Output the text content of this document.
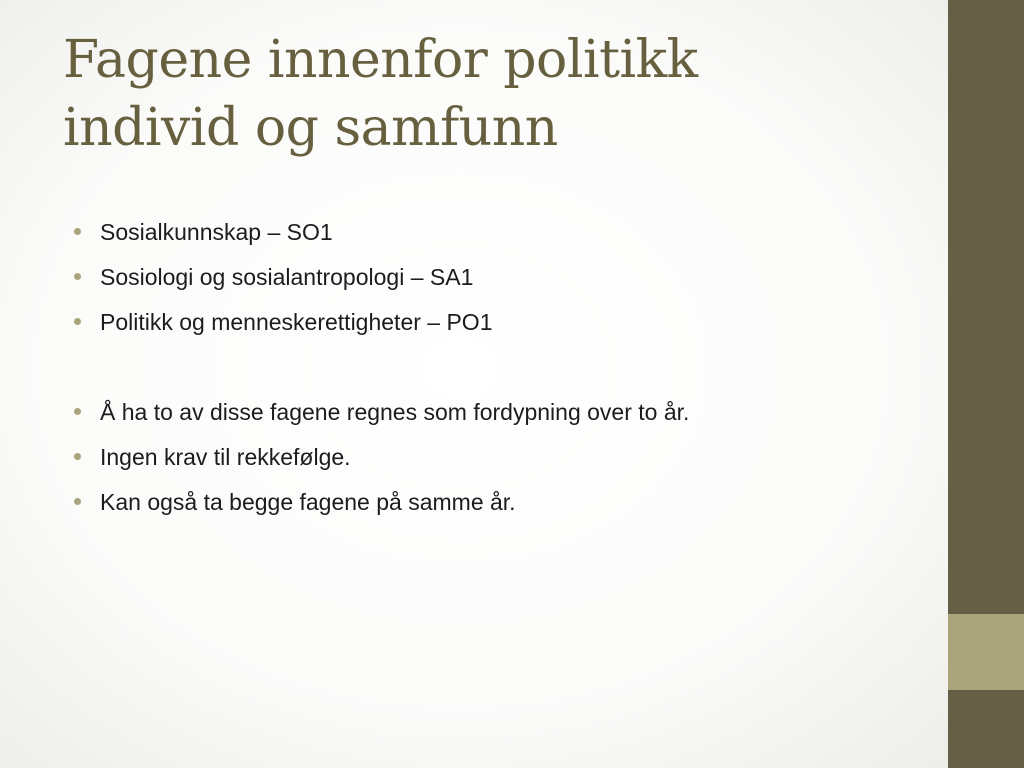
Fagene innenfor politikk
individ og samfunn
Sosialkunnskap – SO1
Sosiologi og sosialantropologi – SA1
Politikk og menneskerettigheter – PO1
Å ha to av disse fagene regnes som fordypning over to år.
Ingen krav til rekkefølge.
Kan også ta begge fagene på samme år.
